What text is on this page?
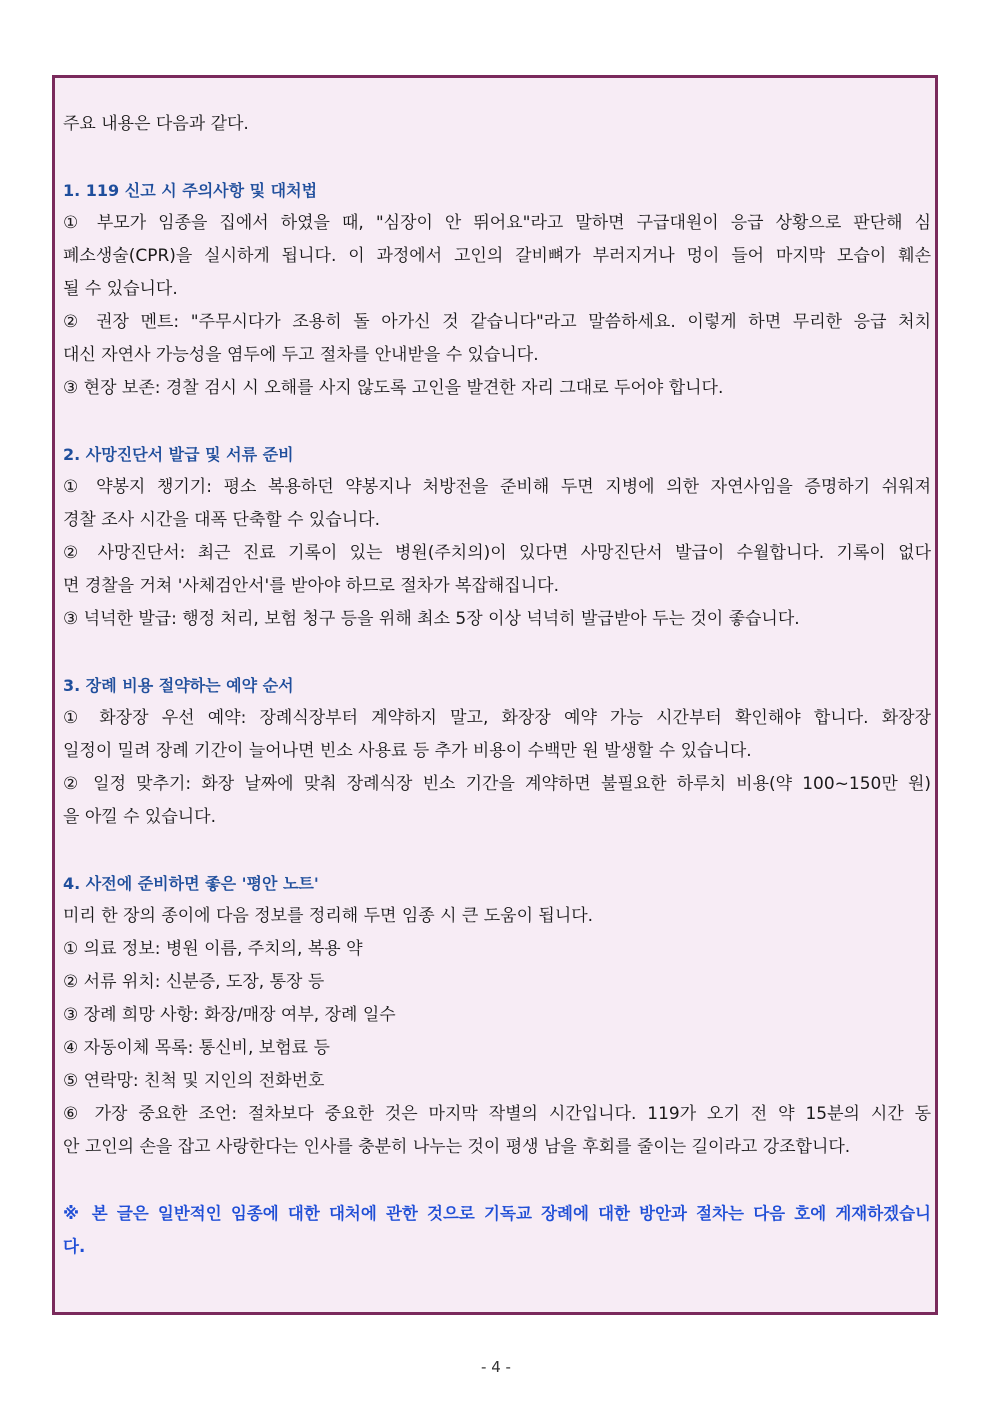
주요 내용은 다음과 같다.
1. 119 신고 시 주의사항 및 대처법
① 부모가 임종을 집에서 하였을 때, "심장이 안 뛰어요"라고 말하면 구급대원이 응급 상황으로 판단해 심
폐소생술(CPR)을 실시하게 됩니다. 이 과정에서 고인의 갈비뼈가 부러지거나 멍이 들어 마지막 모습이 훼손
될 수 있습니다.
② 권장 멘트: "주무시다가 조용히 돌 아가신 것 같습니다"라고 말씀하세요. 이렇게 하면 무리한 응급 처치
대신 자연사 가능성을 염두에 두고 절차를 안내받을 수 있습니다.
③ 현장 보존: 경찰 검시 시 오해를 사지 않도록 고인을 발견한 자리 그대로 두어야 합니다.
2. 사망진단서 발급 및 서류 준비
① 약봉지 챙기기: 평소 복용하던 약봉지나 처방전을 준비해 두면 지병에 의한 자연사임을 증명하기 쉬워져
경찰 조사 시간을 대폭 단축할 수 있습니다.
② 사망진단서: 최근 진료 기록이 있는 병원(주치의)이 있다면 사망진단서 발급이 수월합니다. 기록이 없다
면 경찰을 거쳐 '사체검안서'를 받아야 하므로 절차가 복잡해집니다.
③ 넉넉한 발급: 행정 처리, 보험 청구 등을 위해 최소 5장 이상 넉넉히 발급받아 두는 것이 좋습니다.
3. 장례 비용 절약하는 예약 순서
① 화장장 우선 예약: 장례식장부터 계약하지 말고, 화장장 예약 가능 시간부터 확인해야 합니다. 화장장
일정이 밀려 장례 기간이 늘어나면 빈소 사용료 등 추가 비용이 수백만 원 발생할 수 있습니다.
② 일정 맞추기: 화장 날짜에 맞춰 장례식장 빈소 기간을 계약하면 불필요한 하루치 비용(약 100~150만 원)
을 아낄 수 있습니다.
4. 사전에 준비하면 좋은 '평안 노트'
미리 한 장의 종이에 다음 정보를 정리해 두면 임종 시 큰 도움이 됩니다.
① 의료 정보: 병원 이름, 주치의, 복용 약
② 서류 위치: 신분증, 도장, 통장 등
③ 장례 희망 사항: 화장/매장 여부, 장례 일수
④ 자동이체 목록: 통신비, 보험료 등
⑤ 연락망: 친척 및 지인의 전화번호
⑥ 가장 중요한 조언: 절차보다 중요한 것은 마지막 작별의 시간입니다. 119가 오기 전 약 15분의 시간 동
안 고인의 손을 잡고 사랑한다는 인사를 충분히 나누는 것이 평생 남을 후회를 줄이는 길이라고 강조합니다.
※ 본 글은 일반적인 임종에 대한 대처에 관한 것으로 기독교 장례에 대한 방안과 절차는 다음 호에 게재하겠습니
다.
- 4 -
